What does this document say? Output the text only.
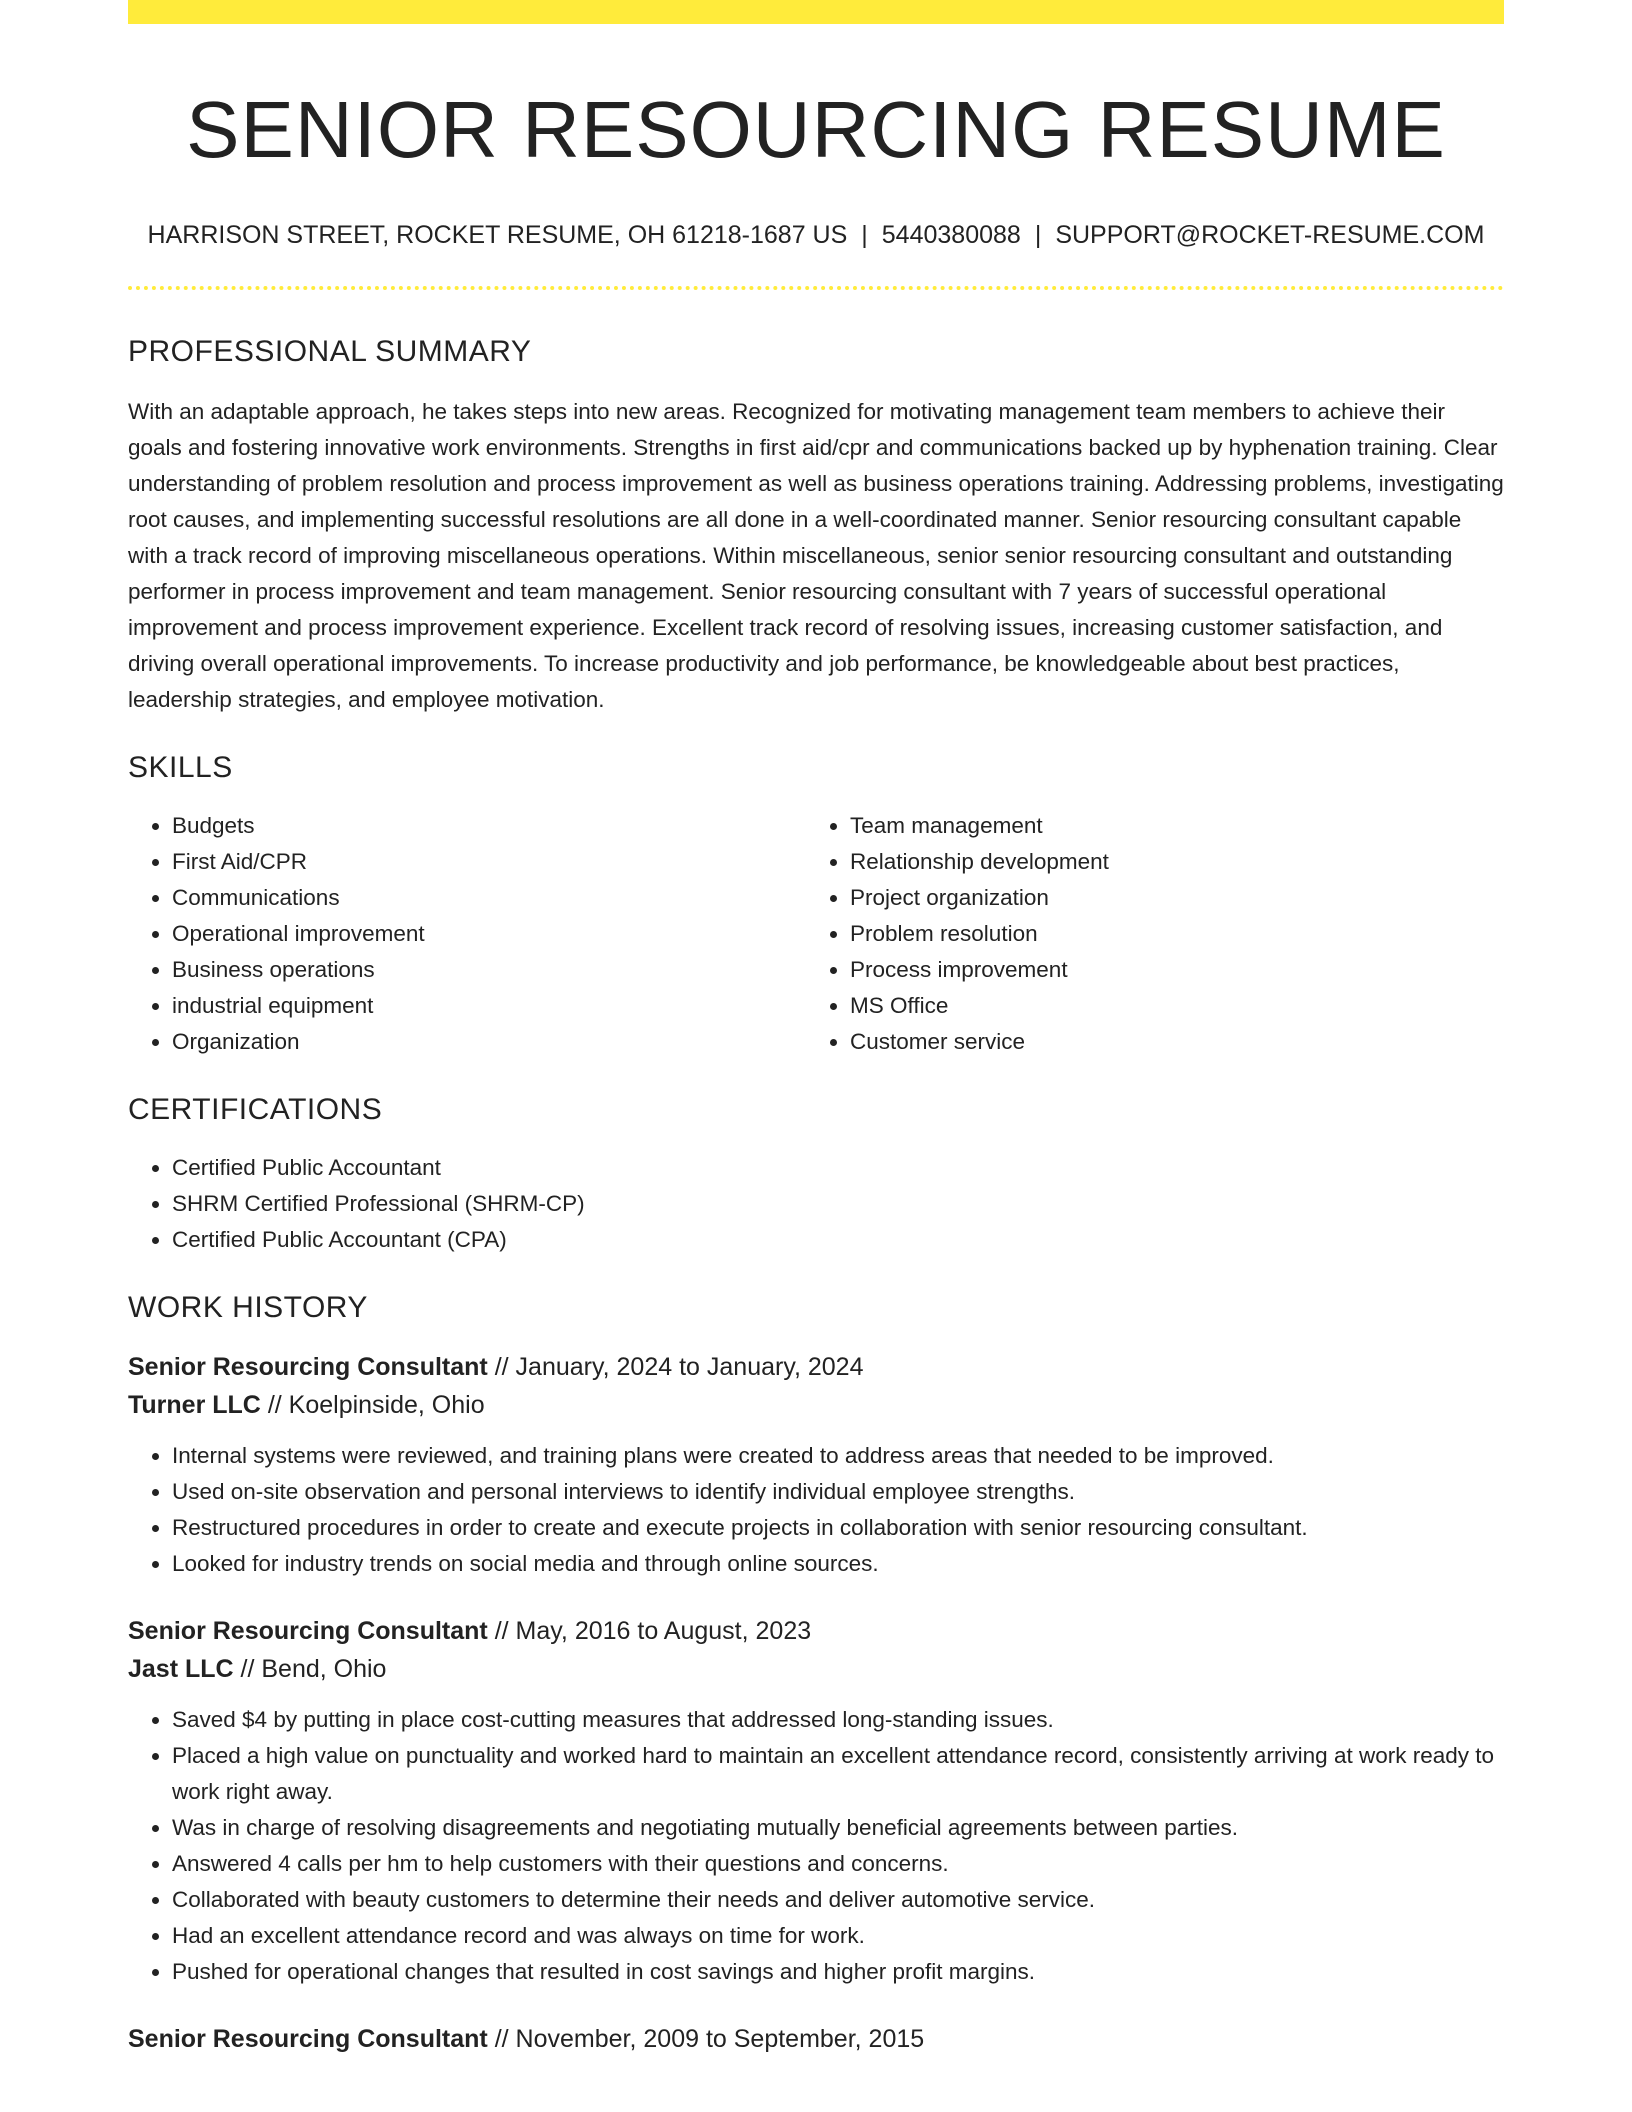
SENIOR RESOURCING RESUME
HARRISON STREET, ROCKET RESUME, OH 61218-1687 US | 5440380088 | SUPPORT@ROCKET-RESUME.COM
PROFESSIONAL SUMMARY

With an adaptable approach, he takes steps into new areas. Recognized for motivating management team members to achieve their goals and fostering innovative work environments. Strengths in first aid/cpr and communications backed up by hyphenation training. Clear understanding of problem resolution and process improvement as well as business operations training. Addressing problems, investigating root causes, and implementing successful resolutions are all done in a well-coordinated manner. Senior resourcing consultant capable with a track record of improving miscellaneous operations. Within miscellaneous, senior senior resourcing consultant and outstanding performer in process improvement and team management. Senior resourcing consultant with 7 years of successful operational improvement and process improvement experience. Excellent track record of resolving issues, increasing customer satisfaction, and driving overall operational improvements. To increase productivity and job performance, be knowledgeable about best practices, leadership strategies, and employee motivation.

SKILLS
• Budgets
• First Aid/CPR
• Communications
• Operational improvement
• Business operations
• industrial equipment
• Organization
• Team management
• Relationship development
• Project organization
• Problem resolution
• Process improvement
• MS Office
• Customer service
CERTIFICATIONS
• Certified Public Accountant
• SHRM Certified Professional (SHRM-CP)
• Certified Public Accountant (CPA)
WORK HISTORY
Senior Resourcing Consultant // January, 2024 to January, 2024
Turner LLC // Koelpinside, Ohio
• Internal systems were reviewed, and training plans were created to address areas that needed to be improved.
• Used on-site observation and personal interviews to identify individual employee strengths.
• Restructured procedures in order to create and execute projects in collaboration with senior resourcing consultant.
• Looked for industry trends on social media and through online sources.
Senior Resourcing Consultant // May, 2016 to August, 2023
Jast LLC // Bend, Ohio
• Saved $4 by putting in place cost-cutting measures that addressed long-standing issues.
• Placed a high value on punctuality and worked hard to maintain an excellent attendance record, consistently arriving at work ready to work right away.
• Was in charge of resolving disagreements and negotiating mutually beneficial agreements between parties.
• Answered 4 calls per hm to help customers with their questions and concerns.
• Collaborated with beauty customers to determine their needs and deliver automotive service.
• Had an excellent attendance record and was always on time for work.
• Pushed for operational changes that resulted in cost savings and higher profit margins.
Senior Resourcing Consultant // November, 2009 to September, 2015
